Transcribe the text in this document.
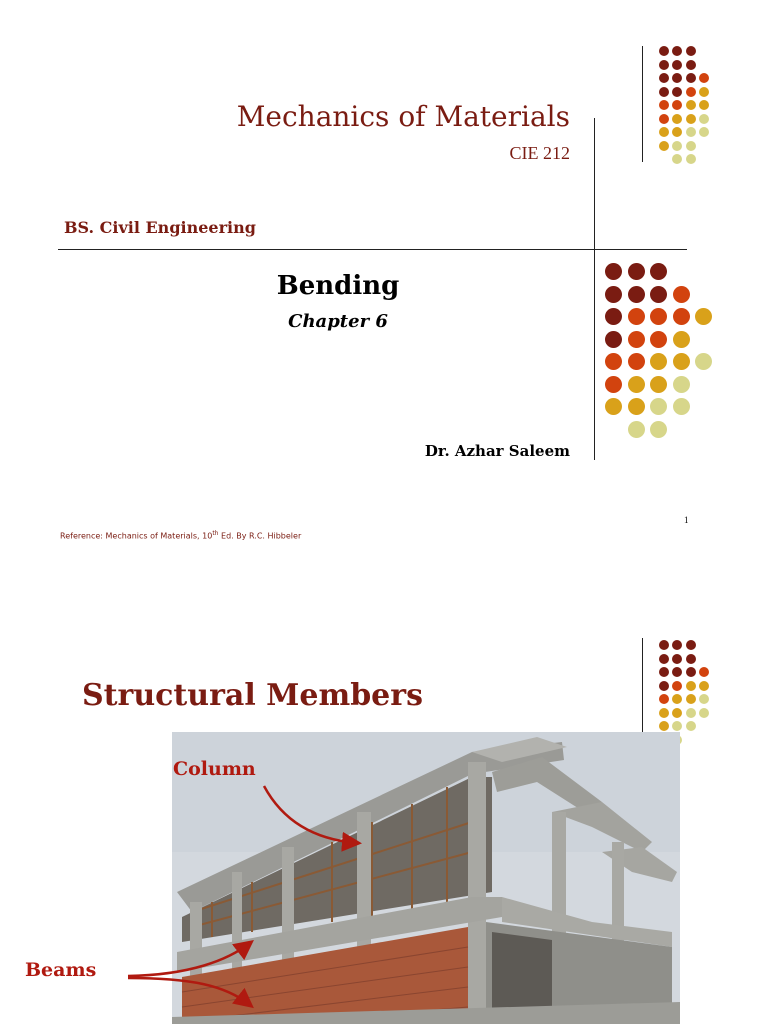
Mechanics of Materials
CIE 212
BS. Civil Engineering
Bending
Chapter 6
Dr. Azhar Saleem
1
Reference: Mechanics of Materials, 10th Ed. By R.C. Hibbeler
Structural Members
Column
Beams
